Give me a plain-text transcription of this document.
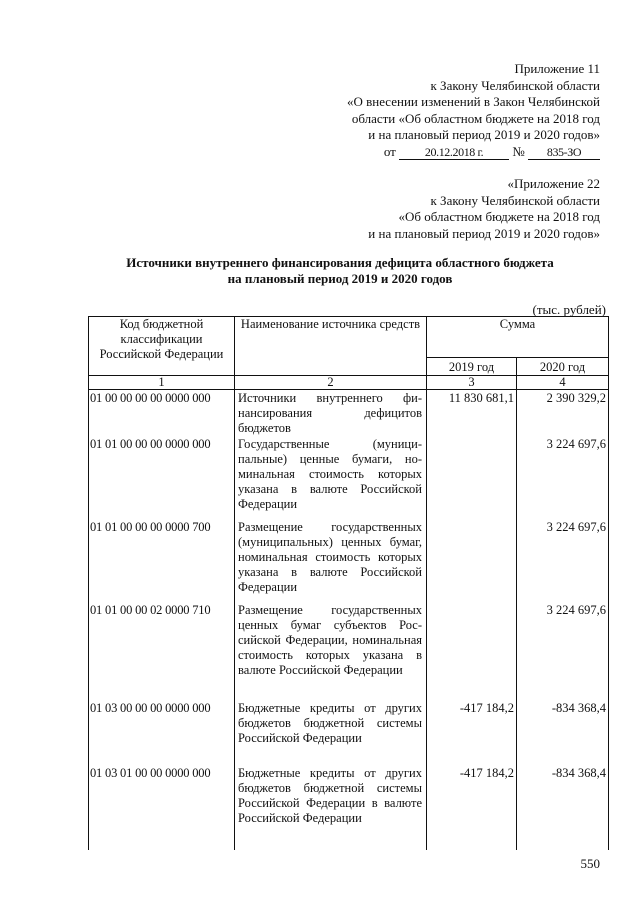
Приложение 11
к Закону Челябинской области
«О внесении изменений в Закон Челябинской
области «Об областном бюджете на 2018 год
и на плановый период 2019 и 2020 годов»
от 20.12.2018 г. № 835-ЗО
«Приложение 22
к Закону Челябинской области
«Об областном бюджете на 2018 год
и на плановый период 2019 и 2020 годов»
Источники внутреннего финансирования дефицита областного бюджета
на плановый период 2019 и 2020 годов
(тыс. рублей)
Код бюджетной классификации Российской Федерации	Наименование источника средств	Сумма	
		2019 год	2020 год
1	2	3	4
01 00 00 00 00 0000 000	Источники внутреннего финансирования дефицитов бюджетов	11 830 681,1	2 390 329,2
01 01 00 00 00 0000 000	Государственные (муниципальные) ценные бумаги, номинальная стоимость которых указана в валюте Российской Федерации		3 224 697,6
01 01 00 00 00 0000 700	Размещение государственных (муниципальных) ценных бумаг, номинальная стоимость которых указана в валюте Российской Федерации		3 224 697,6
01 01 00 00 02 0000 710	Размещение государственных ценных бумаг субъектов Российской Федерации, номинальная стоимость которых указана в валюте Российской Федерации		3 224 697,6
01 03 00 00 00 0000 000	Бюджетные кредиты от других бюджетов бюджетной системы Российской Федерации	-417 184,2	-834 368,4
01 03 01 00 00 0000 000	Бюджетные кредиты от других бюджетов бюджетной системы Российской Федерации в валюте Российской Федерации	-417 184,2	-834 368,4
550
